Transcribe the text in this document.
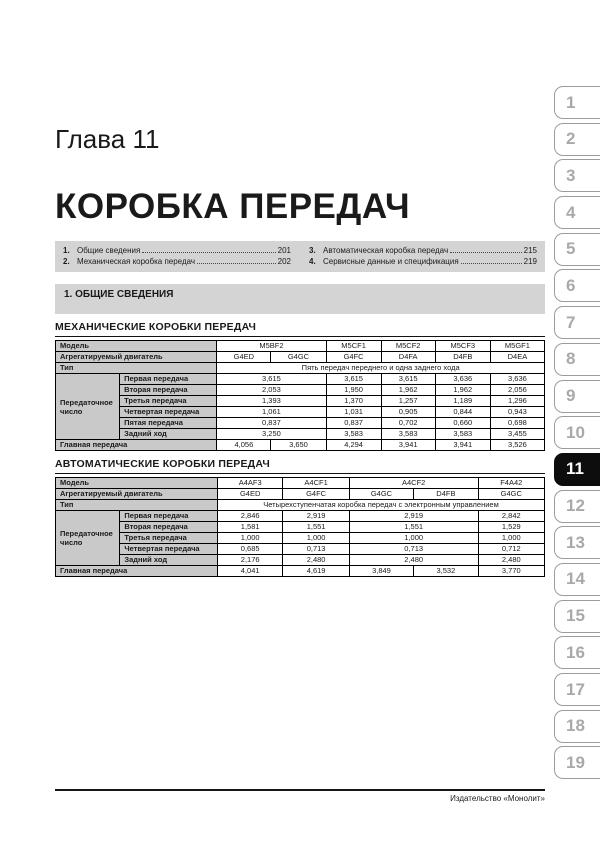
Глава 11
КОРОБКА ПЕРЕДАЧ
1. Общие сведения	201
2. Механическая коробка передач	202
3. Автоматическая коробка передач	215
4. Сервисные данные и спецификация	219
1. ОБЩИЕ СВЕДЕНИЯ
МЕХАНИЧЕСКИЕ КОРОБКИ ПЕРЕДАЧ
Модель		M5BF2		M5CF1	M5CF2	M5CF3	M5GF1
Агрегатируемый двигатель		G4ED	G4GC	G4FC	D4FA	D4FB	D4EA
Тип		Пять передач переднего и одна заднего хода					
Передаточное число	Первая передача	3,615		3,615	3,615	3,636	3,636
	Вторая передача	2,053		1,950	1,962	1,962	2,056
	Третья передача	1,393		1,370	1,257	1,189	1,296
	Четвертая передача	1,061		1,031	0,905	0,844	0,943
	Пятая передача	0,837		0,837	0,702	0,660	0,698
	Задний ход	3,250		3,583	3,583	3,583	3,455
Главная передача		4,056	3,650	4,294	3,941	3,941	3,526
АВТОМАТИЧЕСКИЕ КОРОБКИ ПЕРЕДАЧ
Модель		A4AF3	A4CF1	A4CF2		F4A42
Агрегатируемый двигатель		G4ED	G4FC	G4GC	D4FB	G4GC
Тип		Четырехступенчатая коробка передач с электронным управлением				
Передаточное число	Первая передача	2,846	2,919	2,919		2,842
	Вторая передача	1,581	1,551	1,551		1,529
	Третья передача	1,000	1,000	1,000		1,000
	Четвертая передача	0,685	0,713	0,713		0,712
	Задний ход	2,176	2,480	2,480		2,480
Главная передача		4,041	4,619	3,849	3,532	3,770
Издательство «Монолит»
1
2
3
4
5
6
7
8
9
10
11
12
13
14
15
16
17
18
19
